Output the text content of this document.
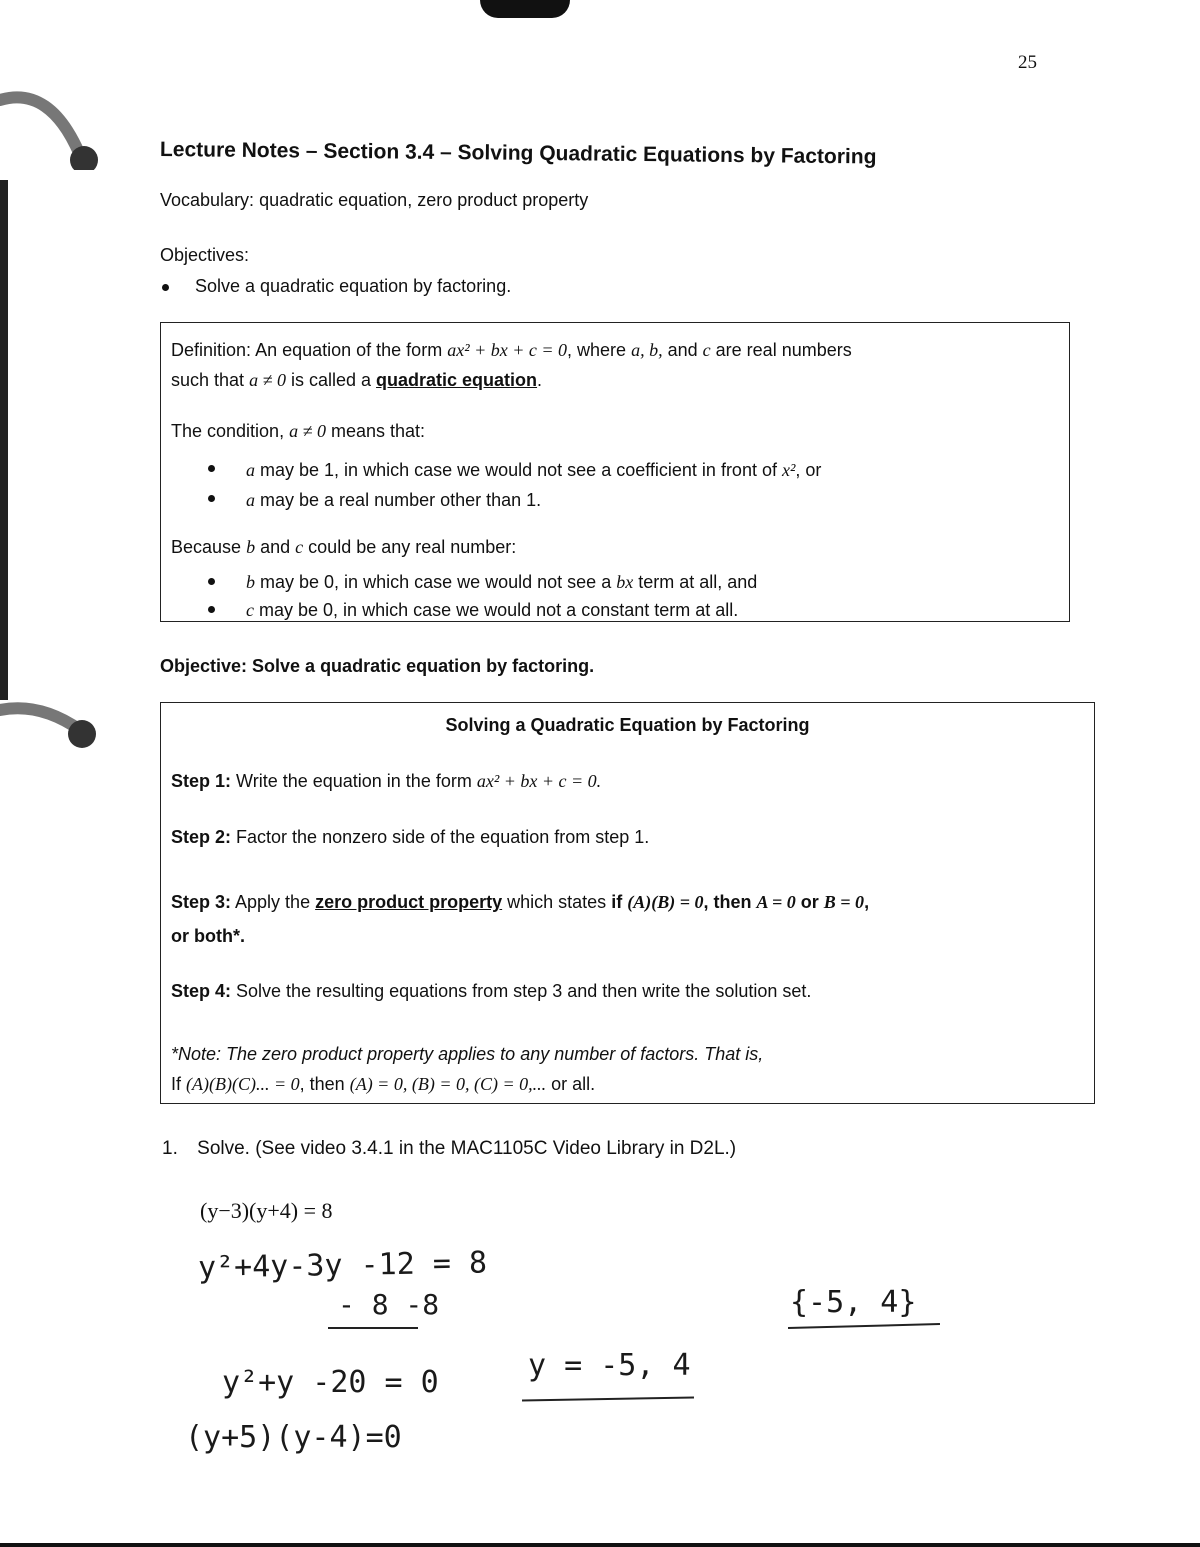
25
Lecture Notes – Section 3.4 – Solving Quadratic Equations by Factoring
Vocabulary: quadratic equation, zero product property
Objectives:
Solve a quadratic equation by factoring.
Definition: An equation of the form ax² + bx + c = 0, where a, b, and c are real numbers
such that a ≠ 0 is called a quadratic equation.
The condition, a ≠ 0 means that:
a may be 1, in which case we would not see a coefficient in front of x², or
a may be a real number other than 1.
Because b and c could be any real number:
b may be 0, in which case we would not see a bx term at all, and
c may be 0, in which case we would not a constant term at all.
Objective: Solve a quadratic equation by factoring.
Solving a Quadratic Equation by Factoring
Step 1: Write the equation in the form ax² + bx + c = 0.
Step 2: Factor the nonzero side of the equation from step 1.
Step 3: Apply the zero product property which states if (A)(B) = 0, then A = 0 or B = 0,
or both*.
Step 4: Solve the resulting equations from step 3 and then write the solution set.
*Note: The zero product property applies to any number of factors. That is,
If (A)(B)(C)... = 0, then (A) = 0, (B) = 0, (C) = 0,... or all.
1. Solve. (See video 3.4.1 in the MAC1105C Video Library in D2L.)
(y−3)(y+4) = 8
y²+4y-3y -12 = 8
- 8 -8
y²+y -20 = 0
(y+5)(y-4)=0
y = -5, 4
{-5, 4}
